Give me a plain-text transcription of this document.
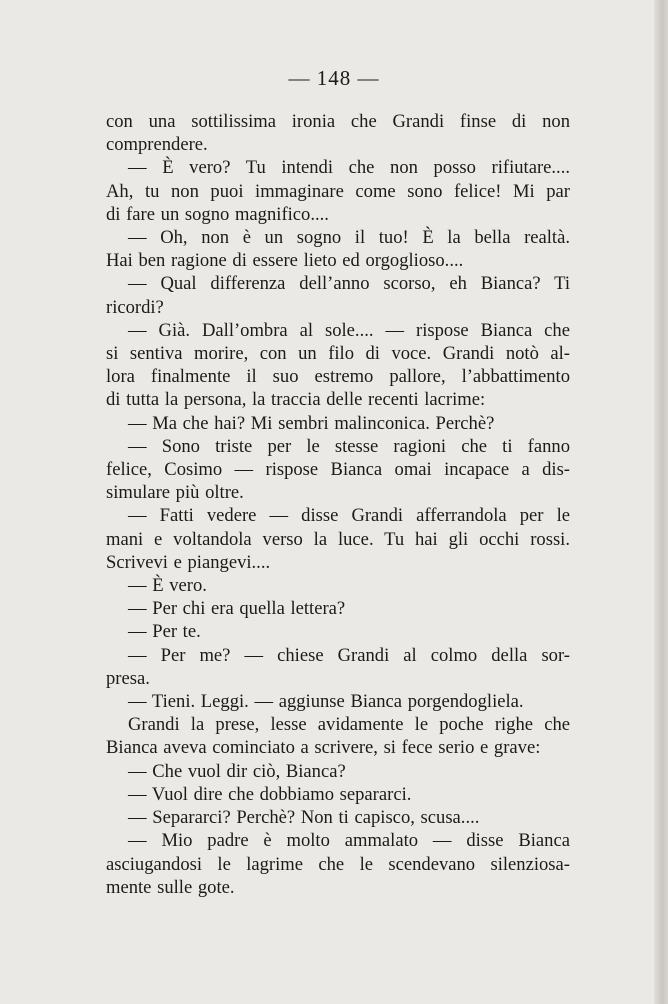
— 148 —
con una sottilissima ironia che Grandi finse di non
comprendere.
— È vero? Tu intendi che non posso rifiutare....
Ah, tu non puoi immaginare come sono felice! Mi par
di fare un sogno magnifico....
— Oh, non è un sogno il tuo! È la bella realtà.
Hai ben ragione di essere lieto ed orgoglioso....
— Qual differenza dell’anno scorso, eh Bianca? Ti
ricordi?
— Già. Dall’ombra al sole.... — rispose Bianca che
si sentiva morire, con un filo di voce. Grandi notò al-
lora finalmente il suo estremo pallore, l’abbattimento
di tutta la persona, la traccia delle recenti lacrime:
— Ma che hai? Mi sembri malinconica. Perchè?
— Sono triste per le stesse ragioni che ti fanno
felice, Cosimo — rispose Bianca omai incapace a dis-
simulare più oltre.
— Fatti vedere — disse Grandi afferrandola per le
mani e voltandola verso la luce. Tu hai gli occhi rossi.
Scrivevi e piangevi....
— È vero.
— Per chi era quella lettera?
— Per te.
— Per me? — chiese Grandi al colmo della sor-
presa.
— Tieni. Leggi. — aggiunse Bianca porgendogliela.
Grandi la prese, lesse avidamente le poche righe che
Bianca aveva cominciato a scrivere, si fece serio e grave:
— Che vuol dir ciò, Bianca?
— Vuol dire che dobbiamo separarci.
— Separarci? Perchè? Non ti capisco, scusa....
— Mio padre è molto ammalato — disse Bianca
asciugandosi le lagrime che le scendevano silenziosa-
mente sulle gote.
